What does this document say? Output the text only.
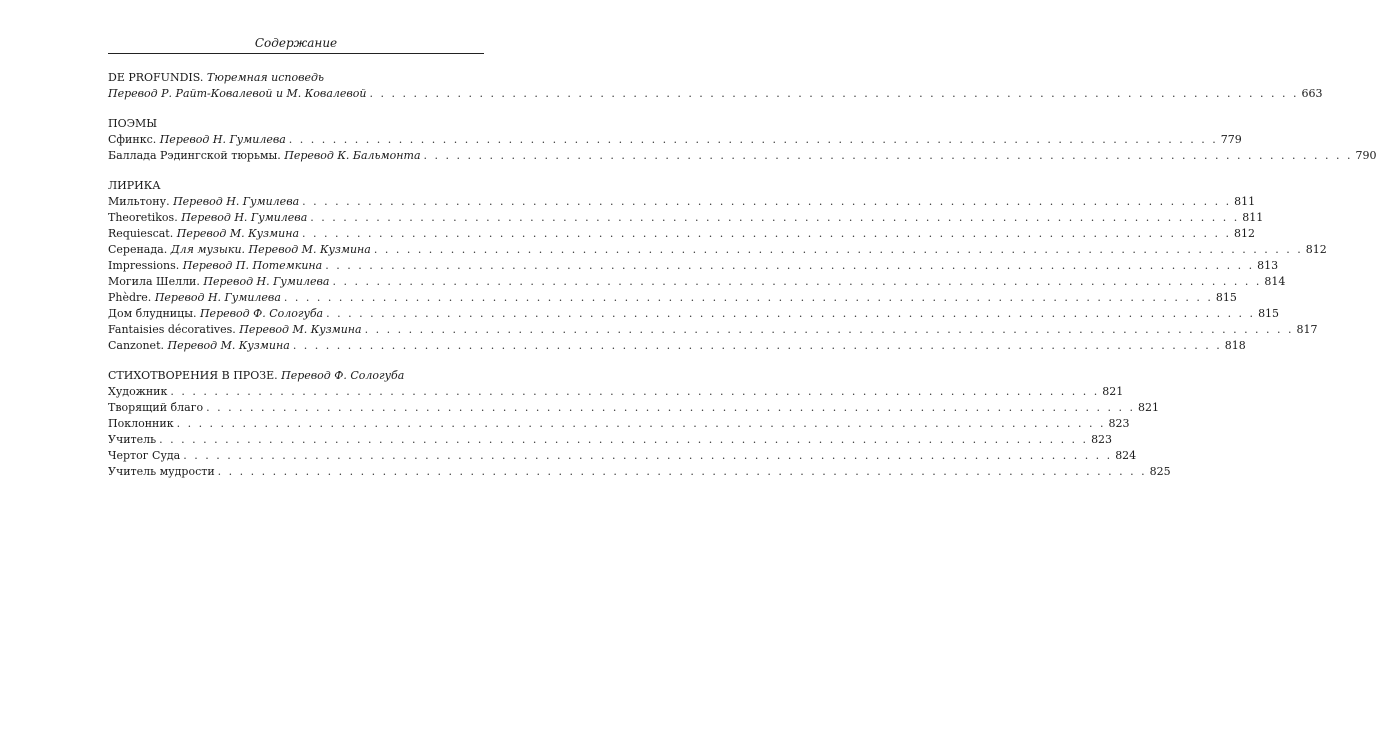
Содержание
DE PROFUNDIS. Тюремная исповедь
Перевод Р. Райт-Ковалевой и М. Ковалевой . . . . . . . . . . . . . . . . . . . . . . . . . . . . . . . . . . . . . . . . . . . . . . . . . . . . . . . . . . . . . . . . . . . . . . . . . . . . . . . . . . . . . 663
ПОЭМЫ
Сфинкс. Перевод Н. Гумилева . . . . . . . . . . . . . . . . . . . . . . . . . . . . . . . . . . . . . . . . . . . . . . . . . . . . . . . . . . . . . . . . . . . . . . . . . . . . . . . . . . . . . 779
Баллада Рэдингской тюрьмы. Перевод К. Бальмонта . . . . . . . . . . . . . . . . . . . . . . . . . . . . . . . . . . . . . . . . . . . . . . . . . . . . . . . . . . . . . . . . . . . . . . . . . . . . . . . . . . . . . 790
ЛИРИКА
Мильтону. Перевод Н. Гумилева . . . . . . . . . . . . . . . . . . . . . . . . . . . . . . . . . . . . . . . . . . . . . . . . . . . . . . . . . . . . . . . . . . . . . . . . . . . . . . . . . . . . . 811
Theoretikos. Перевод Н. Гумилева . . . . . . . . . . . . . . . . . . . . . . . . . . . . . . . . . . . . . . . . . . . . . . . . . . . . . . . . . . . . . . . . . . . . . . . . . . . . . . . . . . . . . 811
Requiescat. Перевод М. Кузмина . . . . . . . . . . . . . . . . . . . . . . . . . . . . . . . . . . . . . . . . . . . . . . . . . . . . . . . . . . . . . . . . . . . . . . . . . . . . . . . . . . . . . 812
Серенада. Для музыки. Перевод М. Кузмина . . . . . . . . . . . . . . . . . . . . . . . . . . . . . . . . . . . . . . . . . . . . . . . . . . . . . . . . . . . . . . . . . . . . . . . . . . . . . . . . . . . . . 812
Impressions. Перевод П. Потемкина . . . . . . . . . . . . . . . . . . . . . . . . . . . . . . . . . . . . . . . . . . . . . . . . . . . . . . . . . . . . . . . . . . . . . . . . . . . . . . . . . . . . . 813
Могила Шелли. Перевод Н. Гумилева . . . . . . . . . . . . . . . . . . . . . . . . . . . . . . . . . . . . . . . . . . . . . . . . . . . . . . . . . . . . . . . . . . . . . . . . . . . . . . . . . . . . . 814
Phèdre. Перевод Н. Гумилева . . . . . . . . . . . . . . . . . . . . . . . . . . . . . . . . . . . . . . . . . . . . . . . . . . . . . . . . . . . . . . . . . . . . . . . . . . . . . . . . . . . . . 815
Дом блудницы. Перевод Ф. Сологуба . . . . . . . . . . . . . . . . . . . . . . . . . . . . . . . . . . . . . . . . . . . . . . . . . . . . . . . . . . . . . . . . . . . . . . . . . . . . . . . . . . . . . 815
Fantaisies décoratives. Перевод М. Кузмина . . . . . . . . . . . . . . . . . . . . . . . . . . . . . . . . . . . . . . . . . . . . . . . . . . . . . . . . . . . . . . . . . . . . . . . . . . . . . . . . . . . . . 817
Canzonet. Перевод М. Кузмина . . . . . . . . . . . . . . . . . . . . . . . . . . . . . . . . . . . . . . . . . . . . . . . . . . . . . . . . . . . . . . . . . . . . . . . . . . . . . . . . . . . . . 818
СТИХОТВОРЕНИЯ В ПРОЗЕ. Перевод Ф. Сологуба
Художник . . . . . . . . . . . . . . . . . . . . . . . . . . . . . . . . . . . . . . . . . . . . . . . . . . . . . . . . . . . . . . . . . . . . . . . . . . . . . . . . . . . . . 821
Творящий благо . . . . . . . . . . . . . . . . . . . . . . . . . . . . . . . . . . . . . . . . . . . . . . . . . . . . . . . . . . . . . . . . . . . . . . . . . . . . . . . . . . . . . 821
Поклонник . . . . . . . . . . . . . . . . . . . . . . . . . . . . . . . . . . . . . . . . . . . . . . . . . . . . . . . . . . . . . . . . . . . . . . . . . . . . . . . . . . . . . 823
Учитель . . . . . . . . . . . . . . . . . . . . . . . . . . . . . . . . . . . . . . . . . . . . . . . . . . . . . . . . . . . . . . . . . . . . . . . . . . . . . . . . . . . . . 823
Чертог Суда . . . . . . . . . . . . . . . . . . . . . . . . . . . . . . . . . . . . . . . . . . . . . . . . . . . . . . . . . . . . . . . . . . . . . . . . . . . . . . . . . . . . . 824
Учитель мудрости . . . . . . . . . . . . . . . . . . . . . . . . . . . . . . . . . . . . . . . . . . . . . . . . . . . . . . . . . . . . . . . . . . . . . . . . . . . . . . . . . . . . . 825
